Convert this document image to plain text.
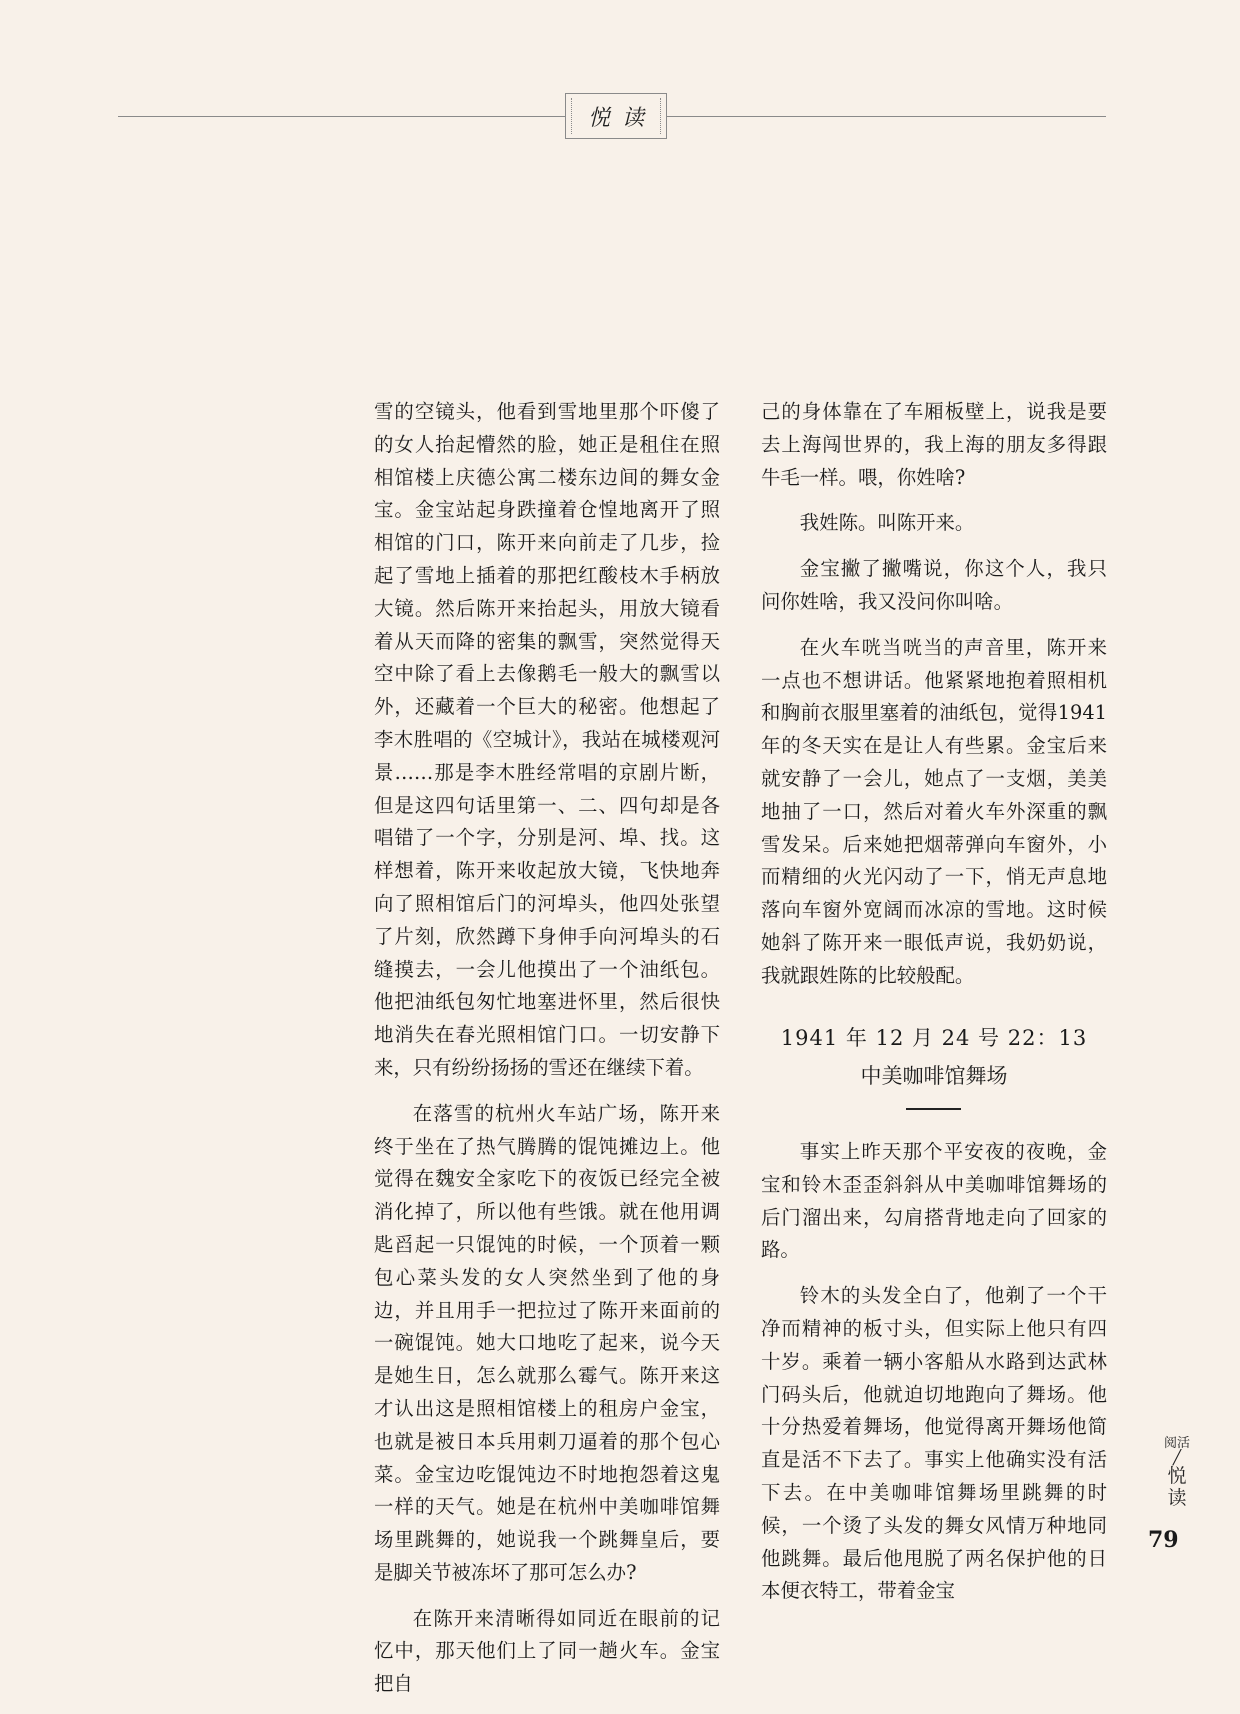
悦读

雪的空镜头，他看到雪地里那个吓傻了的女人抬起懵然的脸，她正是租住在照相馆楼上庆德公寓二楼东边间的舞女金宝。金宝站起身跌撞着仓惶地离开了照相馆的门口，陈开来向前走了几步，捡起了雪地上插着的那把红酸枝木手柄放大镜。然后陈开来抬起头，用放大镜看着从天而降的密集的飘雪，突然觉得天空中除了看上去像鹅毛一般大的飘雪以外，还藏着一个巨大的秘密。他想起了李木胜唱的《空城计》，我站在城楼观河景……那是李木胜经常唱的京剧片断，但是这四句话里第一、二、四句却是各唱错了一个字，分别是河、埠、找。这样想着，陈开来收起放大镜，飞快地奔向了照相馆后门的河埠头，他四处张望了片刻，欣然蹲下身伸手向河埠头的石缝摸去，一会儿他摸出了一个油纸包。他把油纸包匆忙地塞进怀里，然后很快地消失在春光照相馆门口。一切安静下来，只有纷纷扬扬的雪还在继续下着。

在落雪的杭州火车站广场，陈开来终于坐在了热气腾腾的馄饨摊边上。他觉得在魏安全家吃下的夜饭已经完全被消化掉了，所以他有些饿。就在他用调匙舀起一只馄饨的时候，一个顶着一颗包心菜头发的女人突然坐到了他的身边，并且用手一把拉过了陈开来面前的一碗馄饨。她大口地吃了起来，说今天是她生日，怎么就那么霉气。陈开来这才认出这是照相馆楼上的租房户金宝，也就是被日本兵用刺刀逼着的那个包心菜。金宝边吃馄饨边不时地抱怨着这鬼一样的天气。她是在杭州中美咖啡馆舞场里跳舞的，她说我一个跳舞皇后，要是脚关节被冻坏了那可怎么办?

在陈开来清晰得如同近在眼前的记忆中，那天他们上了同一趟火车。金宝把自

己的身体靠在了车厢板壁上，说我是要去上海闯世界的，我上海的朋友多得跟牛毛一样。喂，你姓啥?

我姓陈。叫陈开来。

金宝撇了撇嘴说，你这个人，我只问你姓啥，我又没问你叫啥。

在火车咣当咣当的声音里，陈开来一点也不想讲话。他紧紧地抱着照相机和胸前衣服里塞着的油纸包，觉得1941年的冬天实在是让人有些累。金宝后来就安静了一会儿，她点了一支烟，美美地抽了一口，然后对着火车外深重的飘雪发呆。后来她把烟蒂弹向车窗外，小而精细的火光闪动了一下，悄无声息地落向车窗外宽阔而冰凉的雪地。这时候她斜了陈开来一眼低声说，我奶奶说，我就跟姓陈的比较般配。

1941 年 12 月 24 号 22：13
中美咖啡馆舞场

事实上昨天那个平安夜的夜晚，金宝和铃木歪歪斜斜从中美咖啡馆舞场的后门溜出来，勾肩搭背地走向了回家的路。

铃木的头发全白了，他剃了一个干净而精神的板寸头，但实际上他只有四十岁。乘着一辆小客船从水路到达武林门码头后，他就迫切地跑向了舞场。他十分热爱着舞场，他觉得离开舞场他简直是活不下去了。事实上他确实没有活下去。在中美咖啡馆舞场里跳舞的时候，一个烫了头发的舞女风情万种地同他跳舞。最后他甩脱了两名保护他的日本便衣特工，带着金宝

阅活
╱
悦读
79
